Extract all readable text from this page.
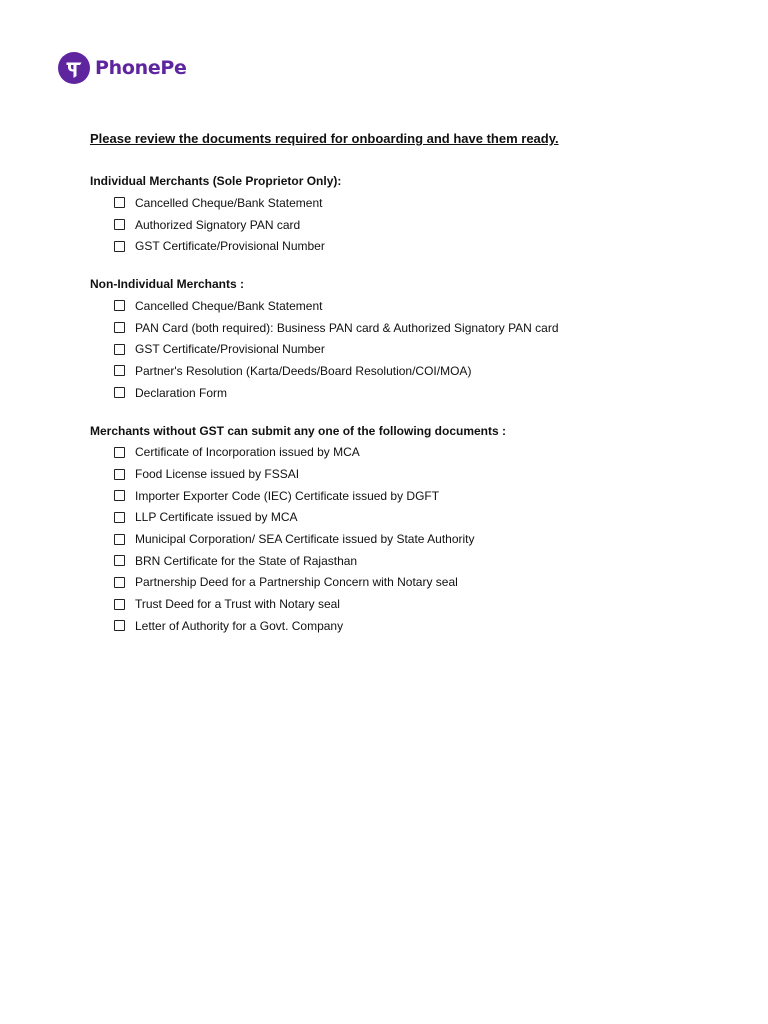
PhonePe
Please review the documents required for onboarding and have them ready.
Individual Merchants (Sole Proprietor Only):
Cancelled Cheque/Bank Statement
Authorized Signatory PAN card
GST Certificate/Provisional Number
Non-Individual Merchants :
Cancelled Cheque/Bank Statement
PAN Card (both required): Business PAN card & Authorized Signatory PAN card
GST Certificate/Provisional Number
Partner's Resolution (Karta/Deeds/Board Resolution/COI/MOA)
Declaration Form
Merchants without GST can submit any one of the following documents :
Certificate of Incorporation issued by MCA
Food License issued by FSSAI
Importer Exporter Code (IEC) Certificate issued by DGFT
LLP Certificate issued by MCA
Municipal Corporation/ SEA Certificate issued by State Authority
BRN Certificate for the State of Rajasthan
Partnership Deed for a Partnership Concern with Notary seal
Trust Deed for a Trust with Notary seal
Letter of Authority for a Govt. Company
